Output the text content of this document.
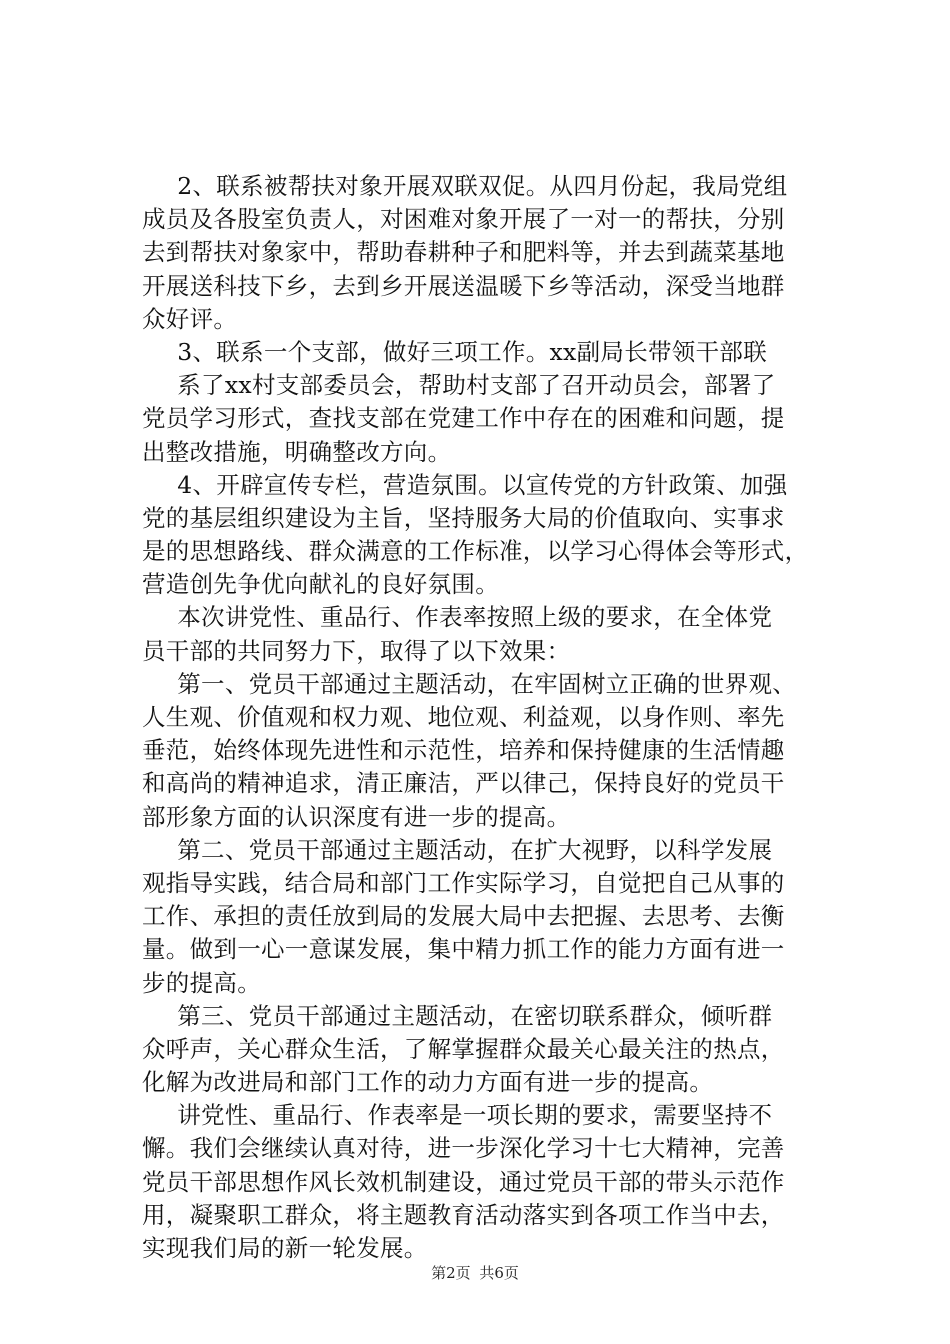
2、联系被帮扶对象开展双联双促。从四月份起，我局党组
成员及各股室负责人，对困难对象开展了一对一的帮扶，分别
去到帮扶对象家中，帮助春耕种子和肥料等，并去到蔬菜基地
开展送科技下乡，去到乡开展送温暖下乡等活动，深受当地群
众好评。
3、联系一个支部，做好三项工作。xx副局长带领干部联
系了xx村支部委员会，帮助村支部了召开动员会，部署了
党员学习形式，查找支部在党建工作中存在的困难和问题，提
出整改措施，明确整改方向。
4、开辟宣传专栏，营造氛围。以宣传党的方针政策、加强
党的基层组织建设为主旨，坚持服务大局的价值取向、实事求
是的思想路线、群众满意的工作标准，以学习心得体会等形式，
营造创先争优向献礼的良好氛围。
本次讲党性、重品行、作表率按照上级的要求，在全体党
员干部的共同努力下，取得了以下效果：
第一、党员干部通过主题活动，在牢固树立正确的世界观、
人生观、价值观和权力观、地位观、利益观，以身作则、率先
垂范，始终体现先进性和示范性，培养和保持健康的生活情趣
和高尚的精神追求，清正廉洁，严以律己，保持良好的党员干
部形象方面的认识深度有进一步的提高。
第二、党员干部通过主题活动，在扩大视野，以科学发展
观指导实践，结合局和部门工作实际学习，自觉把自己从事的
工作、承担的责任放到局的发展大局中去把握、去思考、去衡
量。做到一心一意谋发展，集中精力抓工作的能力方面有进一
步的提高。
第三、党员干部通过主题活动，在密切联系群众，倾听群
众呼声，关心群众生活，了解掌握群众最关心最关注的热点，
化解为改进局和部门工作的动力方面有进一步的提高。
讲党性、重品行、作表率是一项长期的要求，需要坚持不
懈。我们会继续认真对待，进一步深化学习十七大精神，完善
党员干部思想作风长效机制建设，通过党员干部的带头示范作
用，凝聚职工群众，将主题教育活动落实到各项工作当中去，
实现我们局的新一轮发展。
第2页 共6页
